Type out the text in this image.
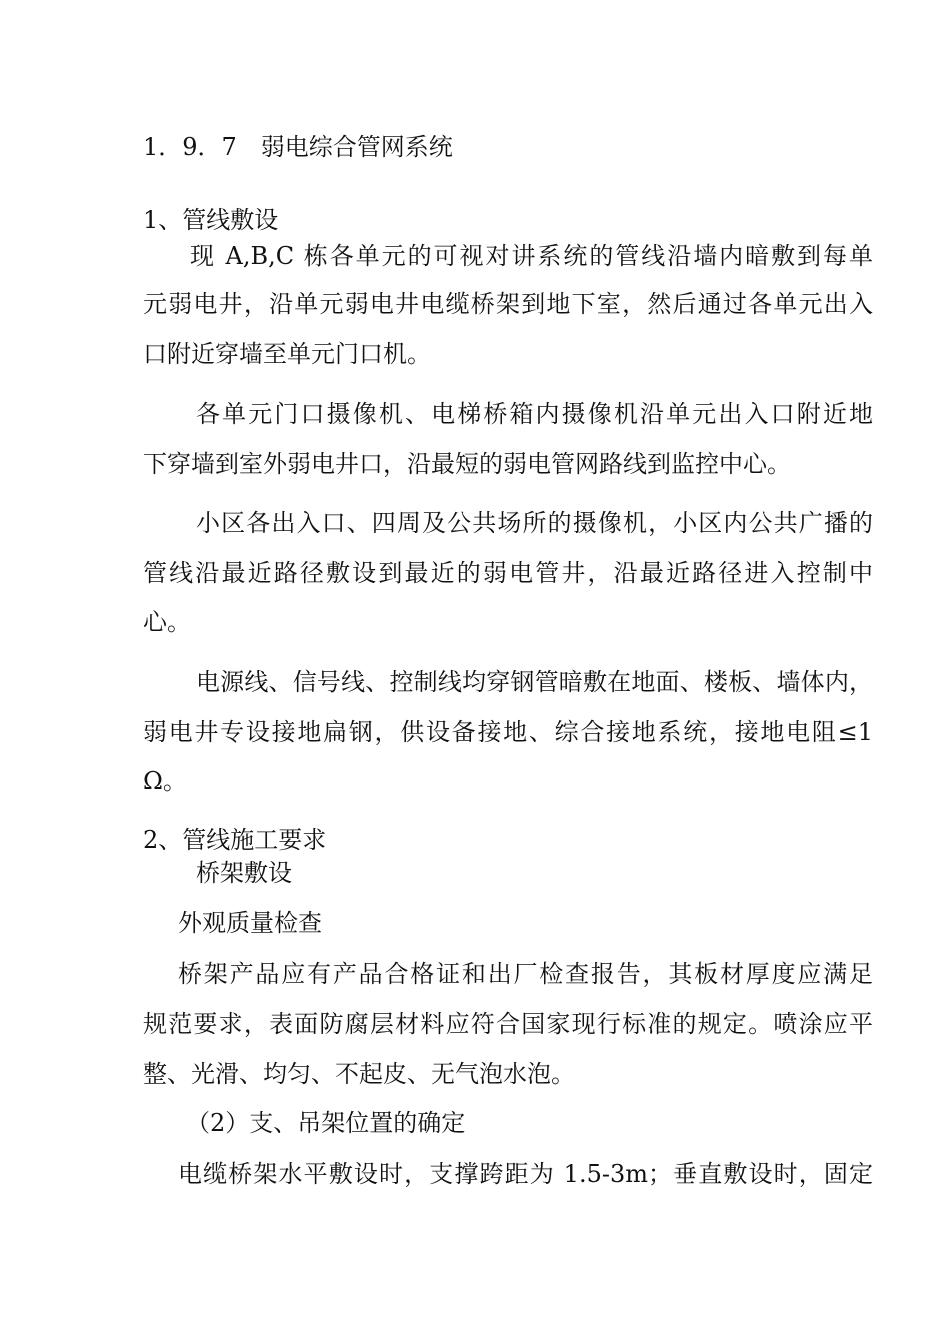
1．9．7　弱电综合管网系统
1、管线敷设
现 A,B,C 栋各单元的可视对讲系统的管线沿墙内暗敷到每单
元弱电井，沿单元弱电井电缆桥架到地下室，然后通过各单元出入
口附近穿墙至单元门口机。
各单元门口摄像机、电梯桥箱内摄像机沿单元出入口附近地
下穿墙到室外弱电井口，沿最短的弱电管网路线到监控中心。
小区各出入口、四周及公共场所的摄像机，小区内公共广播的
管线沿最近路径敷设到最近的弱电管井，沿最近路径进入控制中
心。
电源线、信号线、控制线均穿钢管暗敷在地面、楼板、墙体内，
弱电井专设接地扁钢，供设备接地、综合接地系统，接地电阻≤1
Ω。
2、管线施工要求
桥架敷设
外观质量检查
桥架产品应有产品合格证和出厂检查报告，其板材厚度应满足
规范要求，表面防腐层材料应符合国家现行标准的规定。喷涂应平
整、光滑、均匀、不起皮、无气泡水泡。
（2）支、吊架位置的确定
电缆桥架水平敷设时，支撑跨距为 1.5-3m；垂直敷设时，固定
